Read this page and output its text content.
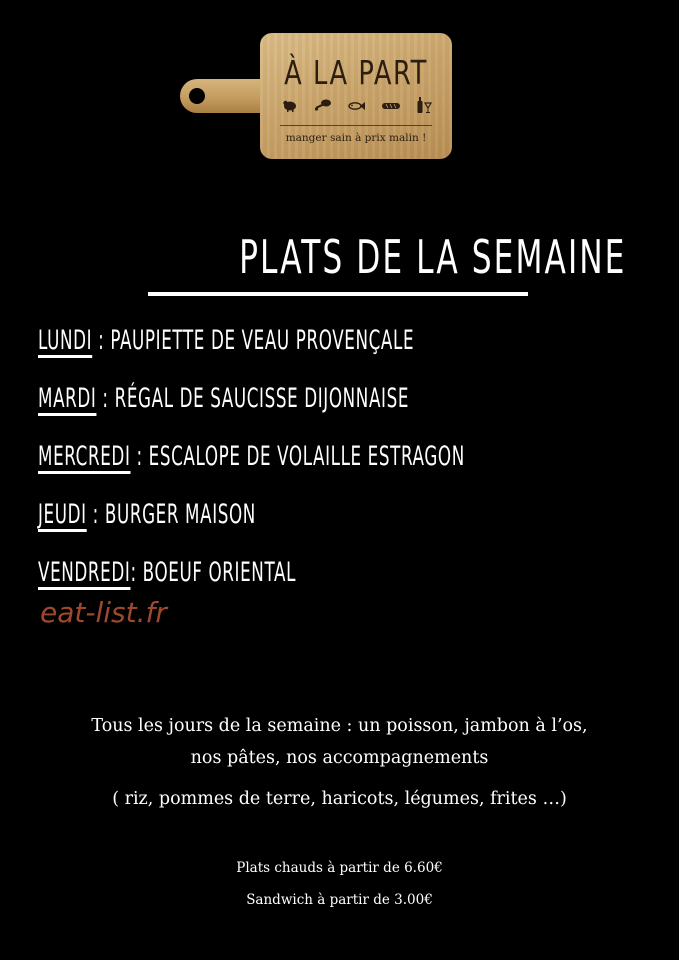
À LA PART
manger sain à prix malin !
PLATS DE LA SEMAINE
LUNDI : PAUPIETTE DE VEAU PROVENÇALE
MARDI : RÉGAL DE SAUCISSE DIJONNAISE
MERCREDI : ESCALOPE DE VOLAILLE ESTRAGON
JEUDI : BURGER MAISON
VENDREDI: BOEUF ORIENTAL
eat-list.fr
Tous les jours de la semaine : un poisson, jambon à l’os,
nos pâtes, nos accompagnements
( riz, pommes de terre, haricots, légumes, frites …)
Plats chauds à partir de 6.60€
Sandwich à partir de 3.00€
